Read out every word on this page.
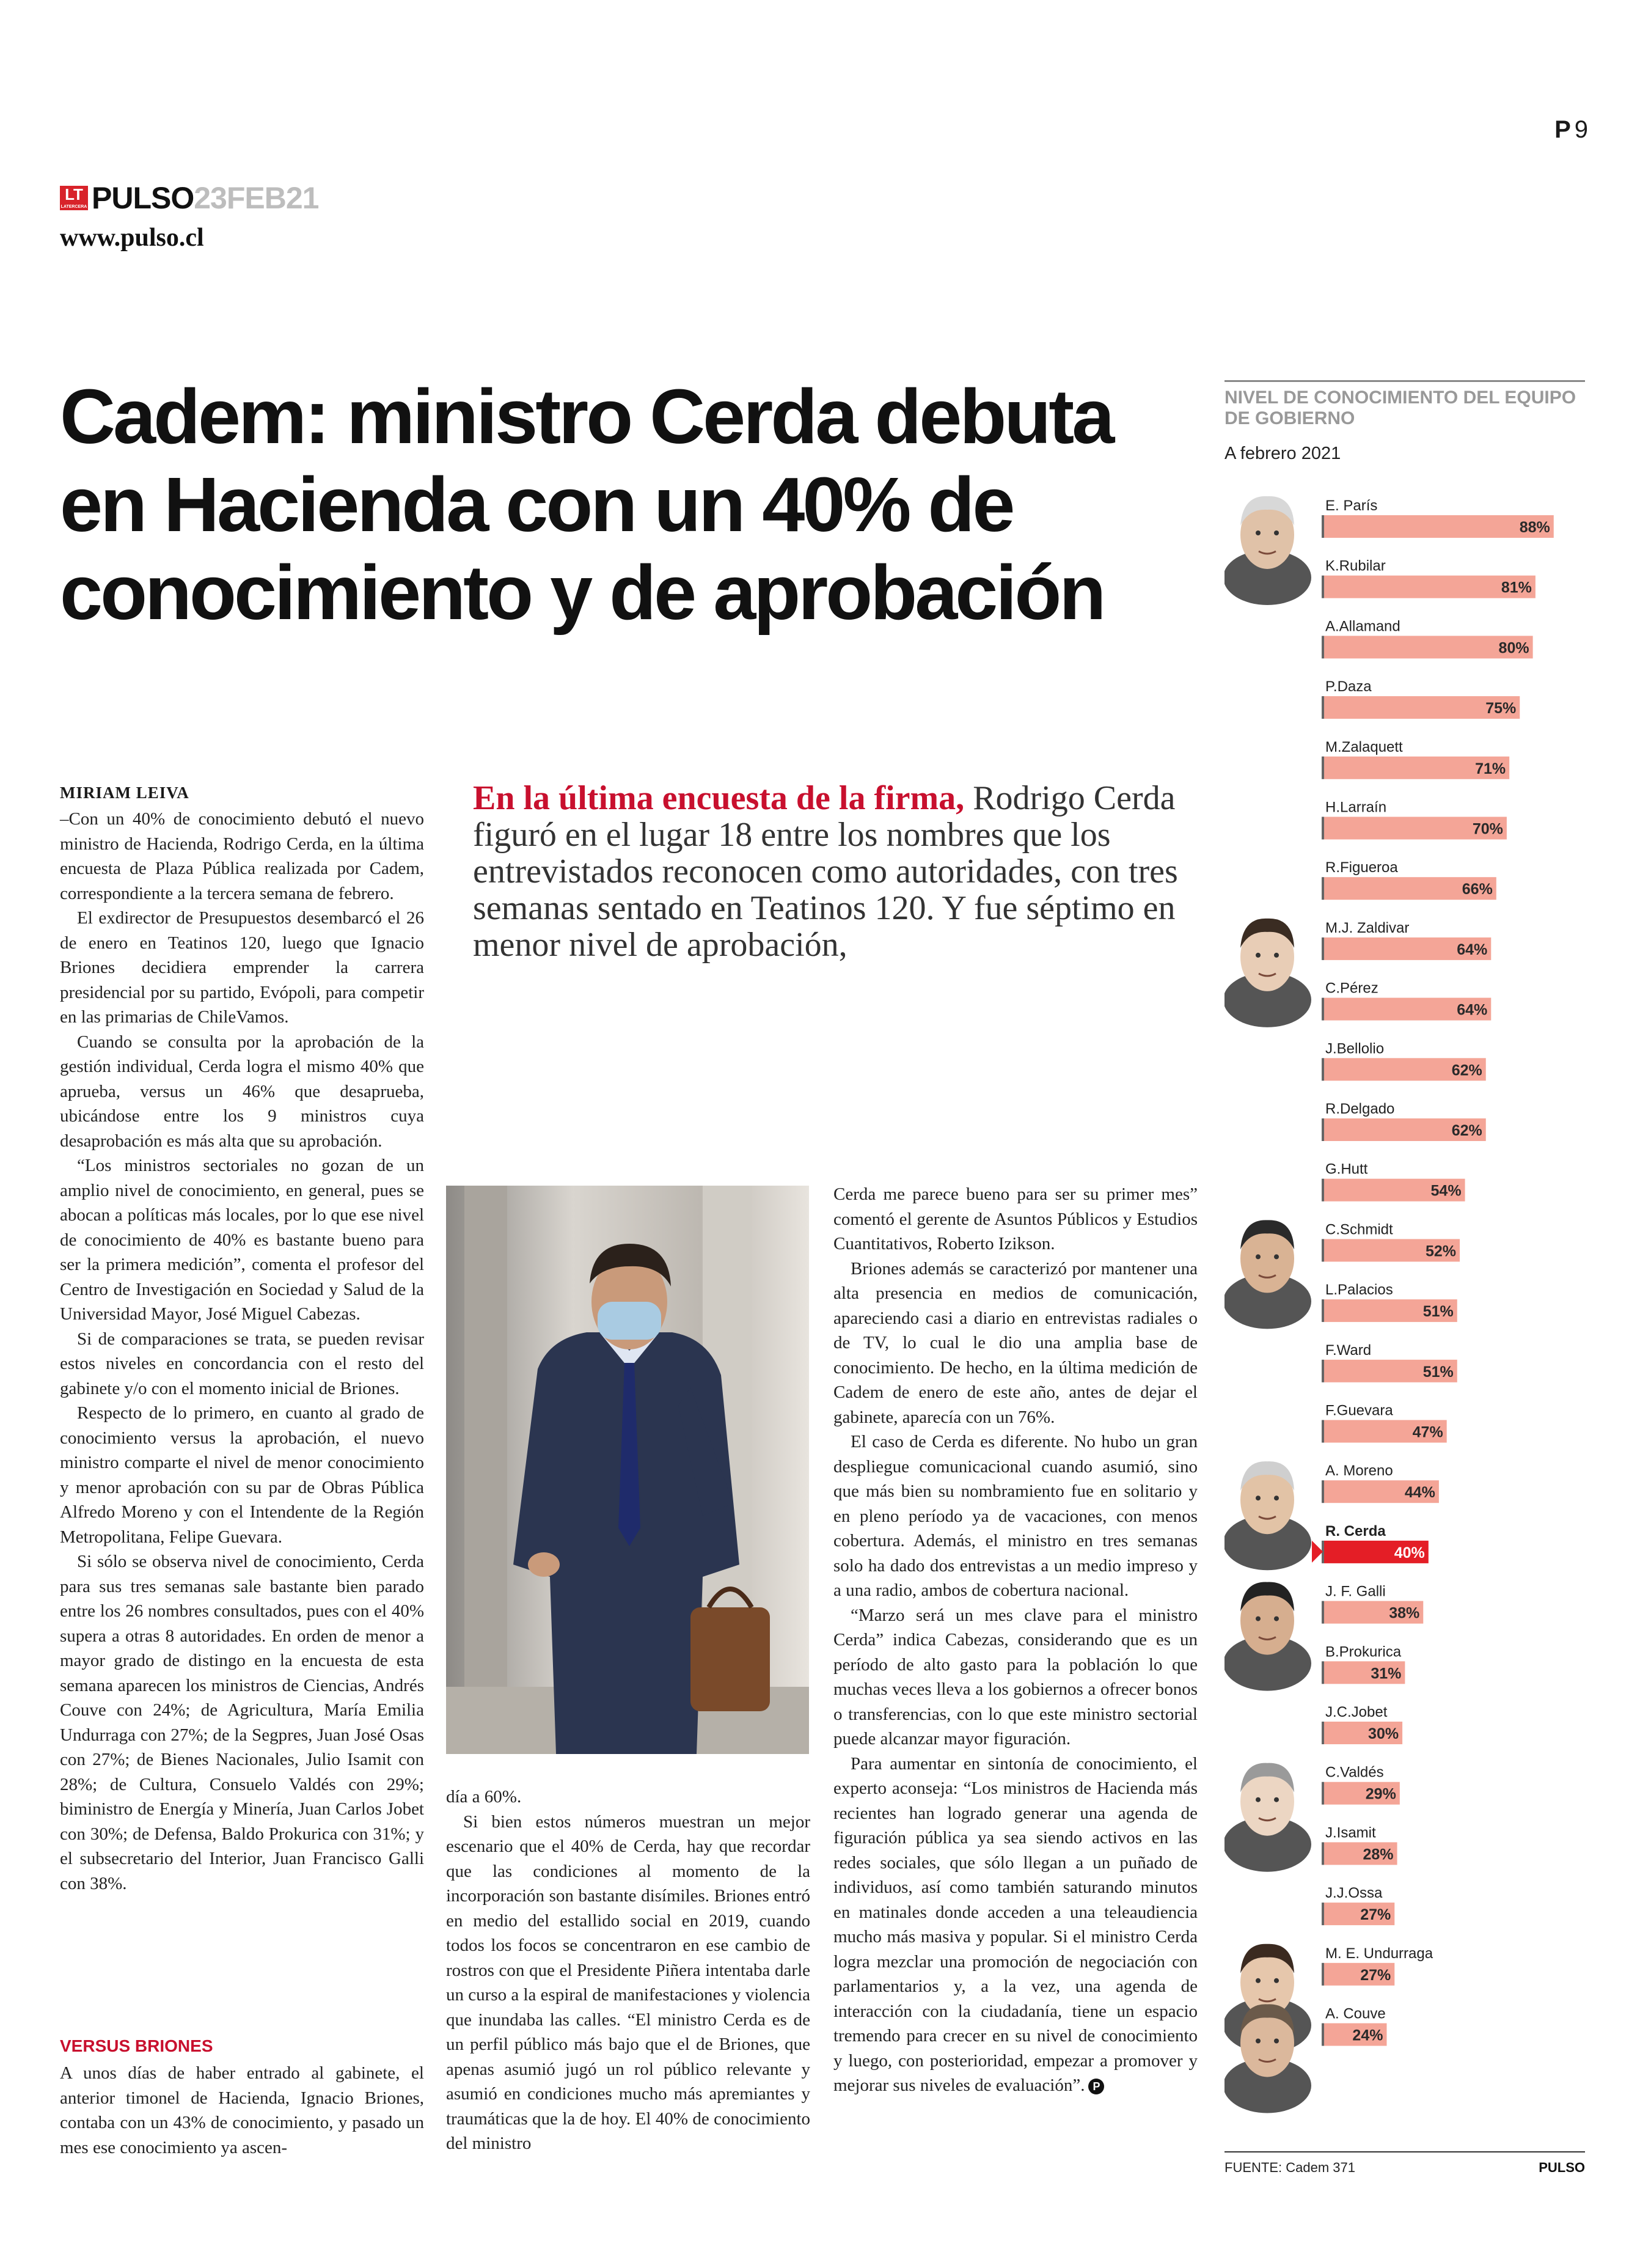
P 9
LT
LATERCERA PULSO 23FEB21
www.pulso.cl
Cadem: ministro Cerda debuta en Hacienda con un 40% de conocimiento y de aprobación
MIRIAM LEIVA

–Con un 40% de conocimiento debutó el nuevo ministro de Hacienda, Rodrigo Cerda, en la última encuesta de Plaza Pública realizada por Cadem, correspondiente a la tercera semana de febrero.

El exdirector de Presupuestos desembarcó el 26 de enero en Teatinos 120, luego que Ignacio Briones decidiera emprender la carrera presidencial por su partido, Evópoli, para competir en las primarias de ChileVamos.

Cuando se consulta por la aprobación de la gestión individual, Cerda logra el mismo 40% que aprueba, versus un 46% que desaprueba, ubicándose entre los 9 ministros cuya desaprobación es más alta que su aprobación.

“Los ministros sectoriales no gozan de un amplio nivel de conocimiento, en general, pues se abocan a políticas más locales, por lo que ese nivel de conocimiento de 40% es bastante bueno para ser la primera medición”, comenta el profesor del Centro de Investigación en Sociedad y Salud de la Universidad Mayor, José Miguel Cabezas.

Si de comparaciones se trata, se pueden revisar estos niveles en concordancia con el resto del gabinete y/o con el momento inicial de Briones.

Respecto de lo primero, en cuanto al grado de conocimiento versus la aprobación, el nuevo ministro comparte el nivel de menor conocimiento y menor aprobación con su par de Obras Pública Alfredo Moreno y con el Intendente de la Región Metropolitana, Felipe Guevara.

Si sólo se observa nivel de conocimiento, Cerda para sus tres semanas sale bastante bien parado entre los 26 nombres consultados, pues con el 40% supera a otras 8 autoridades. En orden de menor a mayor grado de distingo en la encuesta de esta semana aparecen los ministros de Ciencias, Andrés Couve con 24%; de Agricultura, María Emilia Undurraga con 27%; de la Segpres, Juan José Osas con 27%; de Bienes Nacionales, Julio Isamit con 28%; de Cultura, Consuelo Valdés con 29%; biministro de Energía y Minería, Juan Carlos Jobet con 30%; de Defensa, Baldo Prokurica con 31%; y el subsecretario del Interior, Juan Francisco Galli con 38%.

VERSUS BRIONES

A unos días de haber entrado al gabinete, el anterior timonel de Hacienda, Ignacio Briones, contaba con un 43% de conocimiento, y pasado un mes ese conocimiento ya ascen-

En la última encuesta de la firma, Rodrigo Cerda figuró en el lugar 18 entre los nombres que los entrevistados reconocen como autoridades, con tres semanas sentado en Teatinos 120. Y fue séptimo en menor nivel de aprobación,

día a 60%.

Si bien estos números muestran un mejor escenario que el 40% de Cerda, hay que recordar que las condiciones al momento de la incorporación son bastante disímiles. Briones entró en medio del estallido social en 2019, cuando todos los focos se concentraron en ese cambio de rostros con que el Presidente Piñera intentaba darle un curso a la espiral de manifestaciones y violencia que inundaba las calles. “El ministro Cerda es de un perfil público más bajo que el de Briones, que apenas asumió jugó un rol público relevante y asumió en condiciones mucho más apremiantes y traumáticas que la de hoy. El 40% de conocimiento del ministro

Cerda me parece bueno para ser su primer mes” comentó el gerente de Asuntos Públicos y Estudios Cuantitativos, Roberto Izikson.

Briones además se caracterizó por mantener una alta presencia en medios de comunicación, apareciendo casi a diario en entrevistas radiales o de TV, lo cual le dio una amplia base de conocimiento. De hecho, en la última medición de Cadem de enero de este año, antes de dejar el gabinete, aparecía con un 76%.

El caso de Cerda es diferente. No hubo un gran despliegue comunicacional cuando asumió, sino que más bien su nombramiento fue en solitario y en pleno período ya de vacaciones, con menos cobertura. Además, el ministro en tres semanas solo ha dado dos entrevistas a un medio impreso y a una radio, ambos de cobertura nacional.

“Marzo será un mes clave para el ministro Cerda” indica Cabezas, considerando que es un período de alto gasto para la población lo que muchas veces lleva a los gobiernos a ofrecer bonos o transferencias, con lo que este ministro sectorial puede alcanzar mayor figuración.

Para aumentar en sintonía de conocimiento, el experto aconseja: “Los ministros de Hacienda más recientes han logrado generar una agenda de figuración pública ya sea siendo activos en las redes sociales, que sólo llegan a un puñado de individuos, así como también saturando minutos en matinales donde acceden a una teleaudiencia mucho más masiva y popular. Si el ministro Cerda logra mezclar una promoción de negociación con parlamentarios y, a la vez, una agenda de interacción con la ciudadanía, tiene un espacio tremendo para crecer en su nivel de conocimiento y luego, con posterioridad, empezar a promover y mejorar sus niveles de evaluación”. P

NIVEL DE CONOCIMIENTO DEL EQUIPO DE GOBIERNO
A febrero 2021
E. París
88%
K.Rubilar
81%
A.Allamand
80%
P.Daza
75%
M.Zalaquett
71%
H.Larraín
70%
R.Figueroa
66%
M.J. Zaldivar
64%
C.Pérez
64%
J.Bellolio
62%
R.Delgado
62%
G.Hutt
54%
C.Schmidt
52%
L.Palacios
51%
F.Ward
51%
F.Guevara
47%
A. Moreno
44%
R. Cerda
40%
J. F. Galli
38%
B.Prokurica
31%
J.C.Jobet
30%
C.Valdés
29%
J.Isamit
28%
J.J.Ossa
27%
M. E. Undurraga
27%
A. Couve
24%
FUENTE: Cadem 371	PULSO
